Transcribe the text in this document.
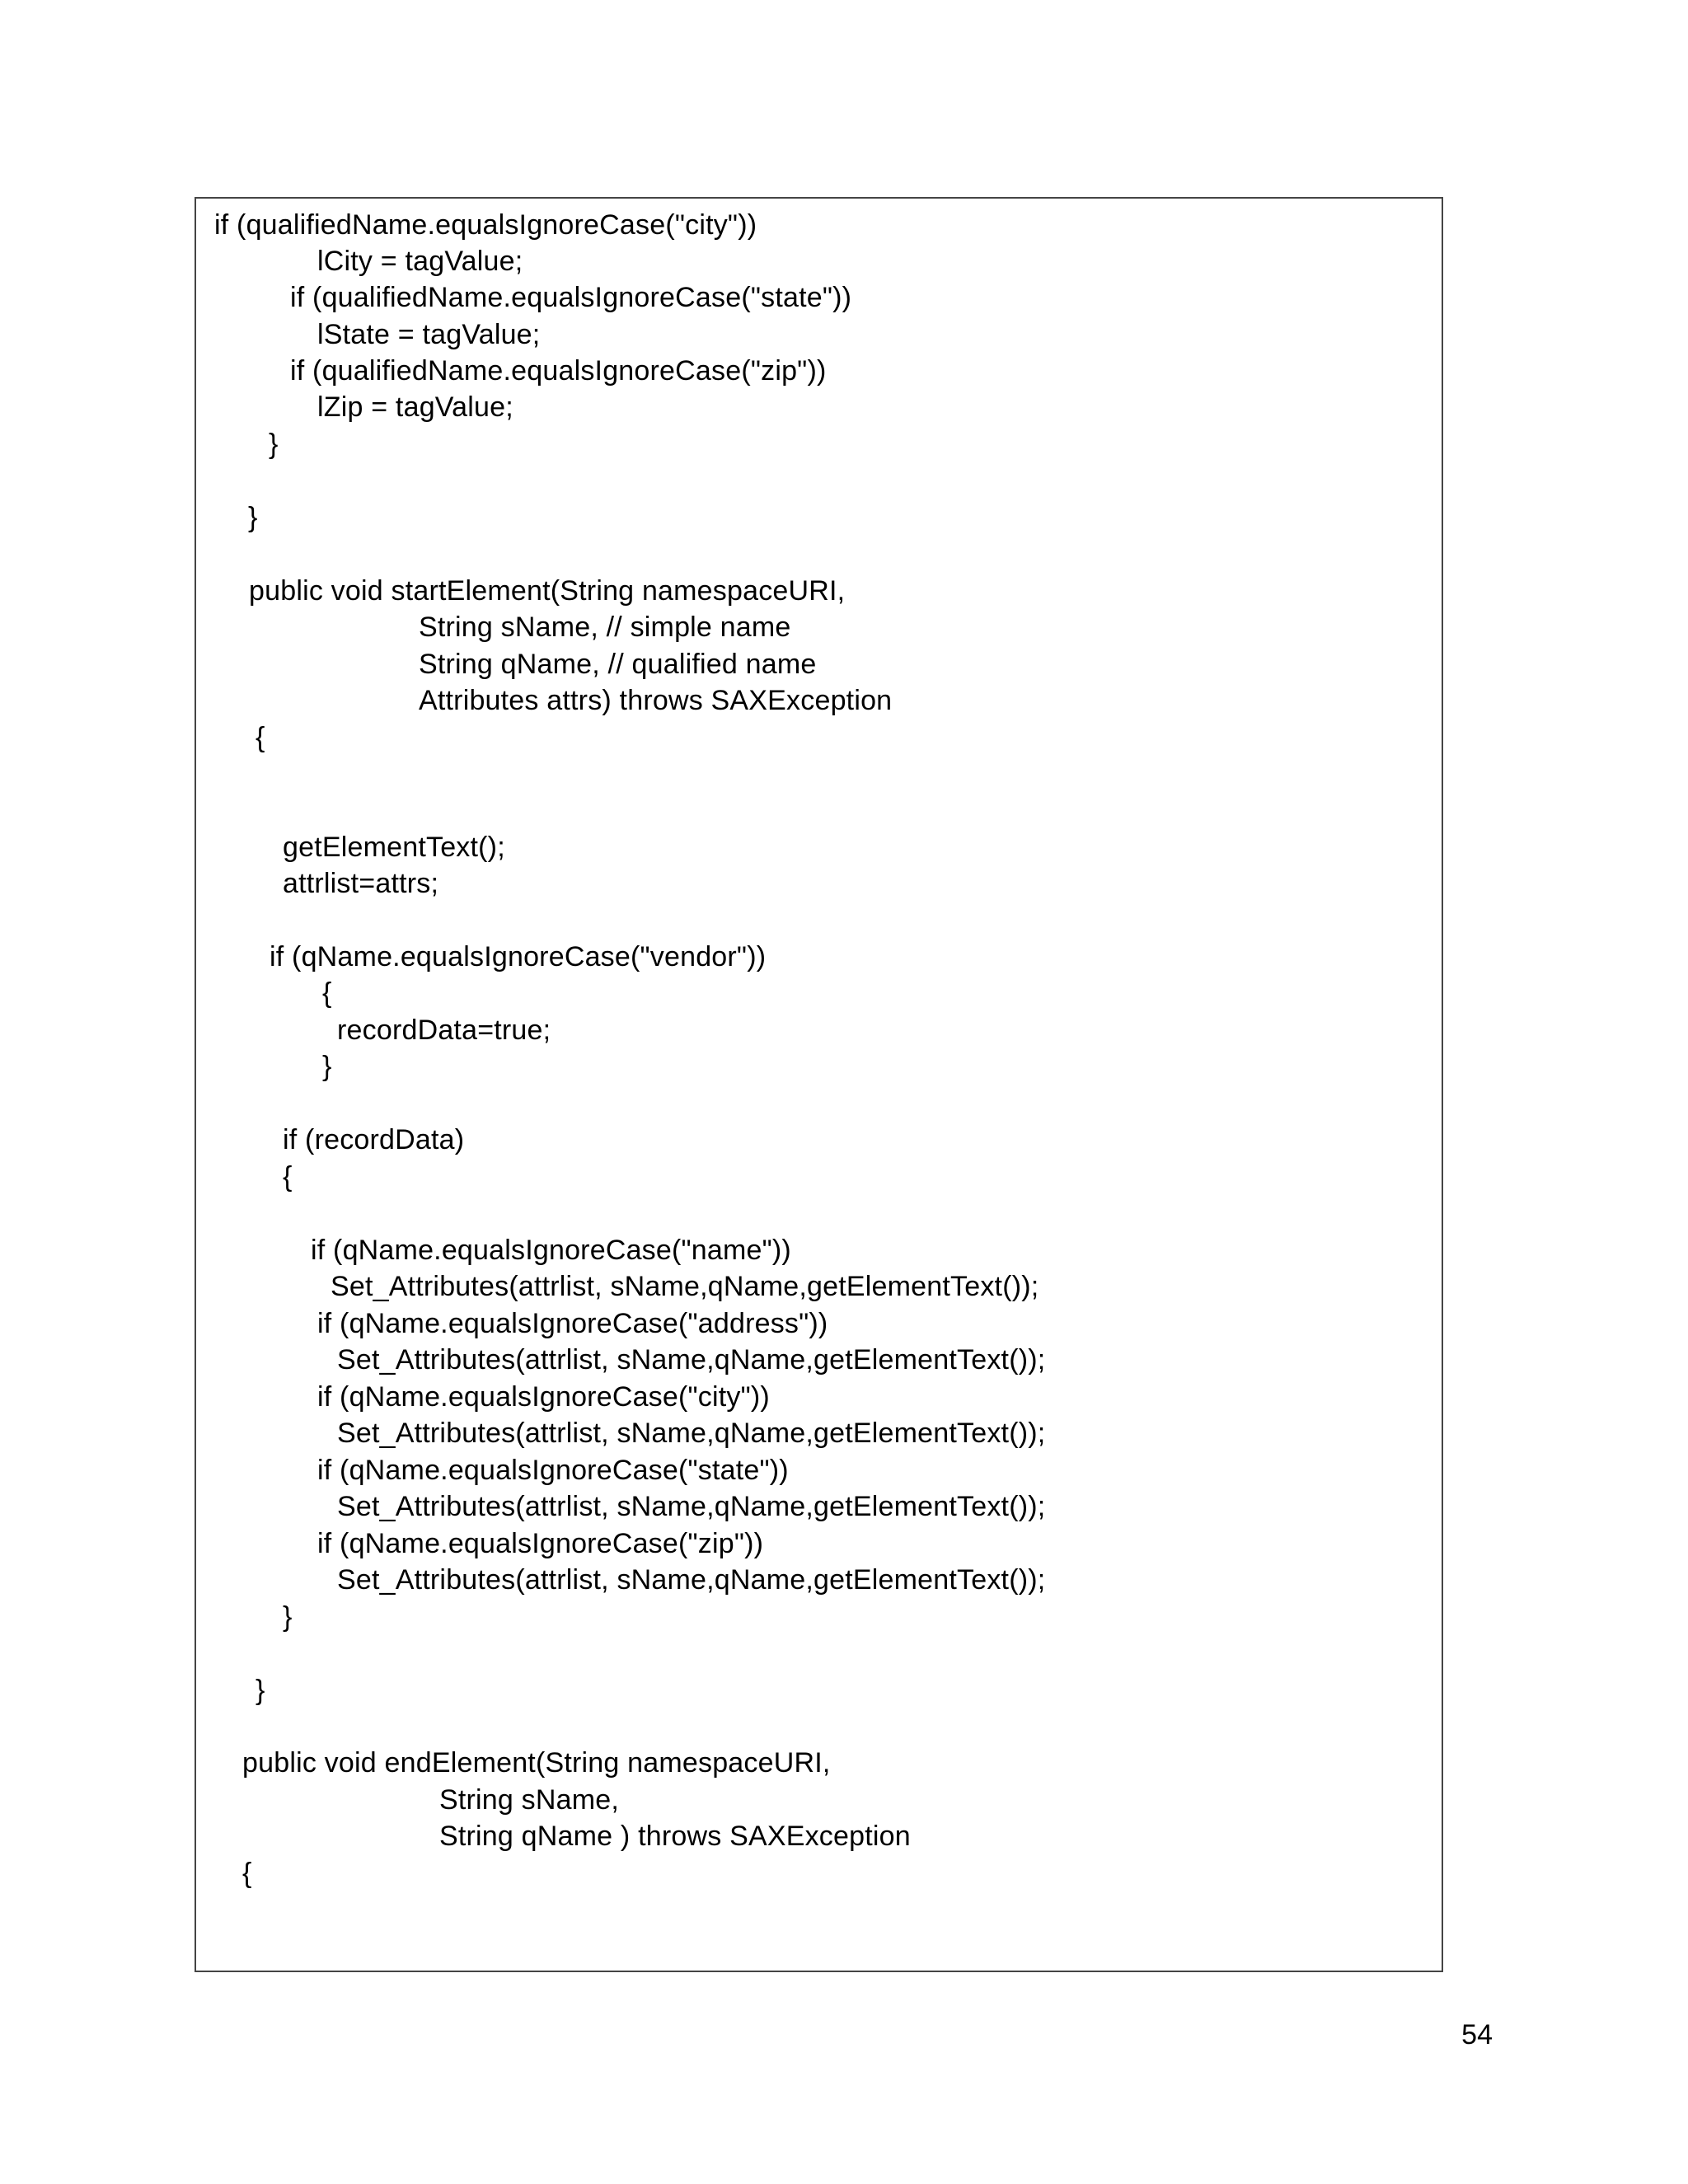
if (qualifiedName.equalsIgnoreCase("city"))
lCity = tagValue;
if (qualifiedName.equalsIgnoreCase("state"))
lState = tagValue;
if (qualifiedName.equalsIgnoreCase("zip"))
lZip = tagValue;
}
}
public void startElement(String namespaceURI,
String sName, // simple name
String qName, // qualified name
Attributes attrs) throws SAXException
{
getElementText();
attrlist=attrs;
if (qName.equalsIgnoreCase("vendor"))
{
recordData=true;
}
if (recordData)
{
if (qName.equalsIgnoreCase("name"))
Set_Attributes(attrlist, sName,qName,getElementText());
if (qName.equalsIgnoreCase("address"))
Set_Attributes(attrlist, sName,qName,getElementText());
if (qName.equalsIgnoreCase("city"))
Set_Attributes(attrlist, sName,qName,getElementText());
if (qName.equalsIgnoreCase("state"))
Set_Attributes(attrlist, sName,qName,getElementText());
if (qName.equalsIgnoreCase("zip"))
Set_Attributes(attrlist, sName,qName,getElementText());
}
}
public void endElement(String namespaceURI,
String sName,
String qName ) throws SAXException
{
54
